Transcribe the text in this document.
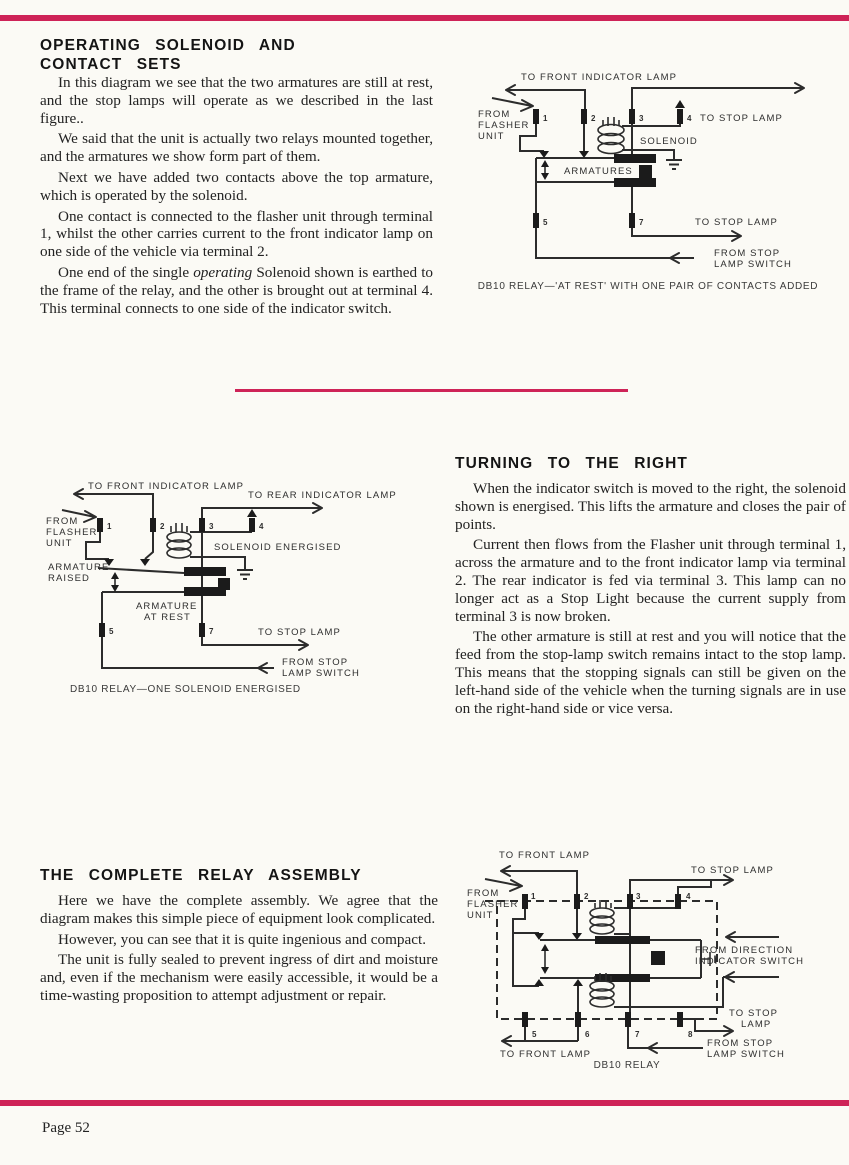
OPERATING SOLENOID AND CONTACT SETS

In this diagram we see that the two armatures are still at rest, and the stop lamps will operate as we described in the last figure..

We said that the unit is actually two relays mounted together, and the armatures we show form part of them.

Next we have added two contacts above the top armature, which is operated by the solenoid.

One contact is connected to the flasher unit through terminal 1, whilst the other carries current to the front indicator lamp on one side of the vehicle via terminal 2.

One end of the single operating Solenoid shown is earthed to the frame of the relay, and the other is brought out at terminal 4. This terminal connects to one side of the indicator switch.

TO FRONT INDICATOR LAMP
FROM
FLASHER
UNIT
1	2	3	4
5	7
TO STOP LAMP
SOLENOID
ARMATURES
TO STOP LAMP
FROM STOP
LAMP SWITCH
DB10 RELAY—'AT REST' WITH ONE PAIR OF CONTACTS ADDED
TO FRONT INDICATOR LAMP
TO REAR INDICATOR LAMP
FROM
FLASHER
UNIT
1	2	3	4
5	7
SOLENOID ENERGISED
ARMATURE
RAISED
ARMATURE
AT REST
TO STOP LAMP
FROM STOP
LAMP SWITCH
DB10 RELAY—ONE SOLENOID ENERGISED
TURNING TO THE RIGHT

When the indicator switch is moved to the right, the solenoid shown is energised. This lifts the armature and closes the pair of points.

Current then flows from the Flasher unit through terminal 1, across the armature and to the front indicator lamp via terminal 2. The rear indicator is fed via terminal 3. This lamp can no longer act as a Stop Light because the current supply from terminal 3 is now broken.

The other armature is still at rest and you will notice that the feed from the stop-lamp switch remains intact to the stop lamp. This means that the stopping signals can still be given on the left-hand side of the vehicle when the turning signals are in use on the right-hand side or vice versa.

THE COMPLETE RELAY ASSEMBLY

Here we have the complete assembly. We agree that the diagram makes this simple piece of equipment look complicated.

However, you can see that it is quite ingenious and compact.

The unit is fully sealed to prevent ingress of dirt and moisture and, even if the mechanism were easily accessible, it would be a time-wasting proposition to attempt adjustment or repair.

TO FRONT LAMP
TO STOP LAMP
FROM
FLASHER
UNIT
1	2	3	4
5	6	7	8
FROM DIRECTION
INDICATOR SWITCH
TO STOP
LAMP
FROM STOP
LAMP SWITCH
TO FRONT LAMP
DB10 RELAY
Page 52
